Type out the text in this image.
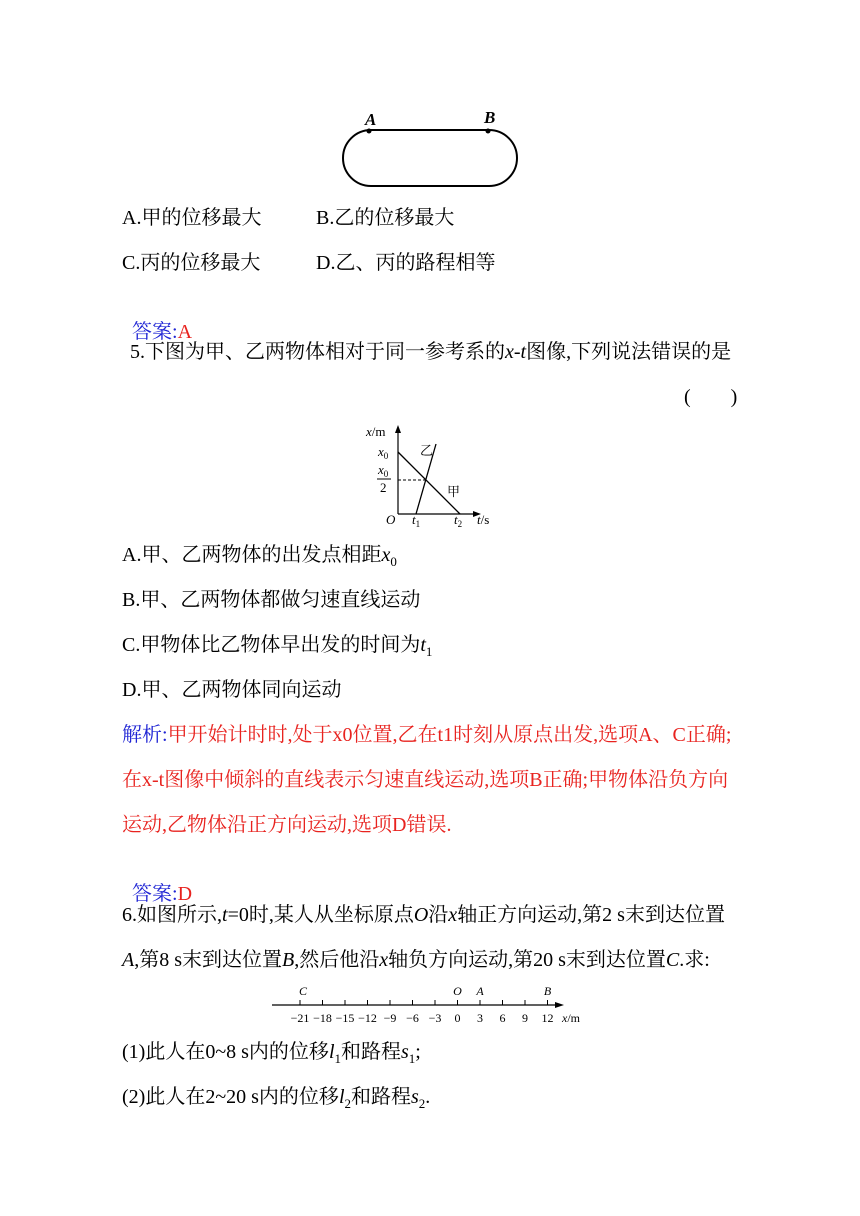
A	B
A.甲的位移最大	B.乙的位移最大
C.丙的位移最大	D.乙、丙的路程相等

答案:A

5.下图为甲、乙两物体相对于同一参考系的x-t图像,下列说法错误的是
(        )
x/m
$x_0$
$x_0$
2
乙
甲
O $t_1$	$t_2$ t/s
A.甲、乙两物体的出发点相距$x_0$
B.甲、乙两物体都做匀速直线运动
C.甲物体比乙物体早出发的时间为$t_1$
D.甲、乙两物体同向运动
解析:甲开始计时时,处于x0位置,乙在t1时刻从原点出发,选项A、C正确;
在x-t图像中倾斜的直线表示匀速直线运动,选项B正确;甲物体沿负方向
运动,乙物体沿正方向运动,选项D错误.

答案:D

6.如图所示,t=0时,某人从坐标原点O沿x轴正方向运动,第2 s末到达位置
A,第8 s末到达位置B,然后他沿x轴负方向运动,第20 s末到达位置C.求:
C	O A	B
−21 −18 −15 −12 −9 −6 −3 0 3 6 9 12 x/m
(1)此人在0~8 s内的位移$l_1$和路程$s_1$;
(2)此人在2~20 s内的位移$l_2$和路程$s_2$.
